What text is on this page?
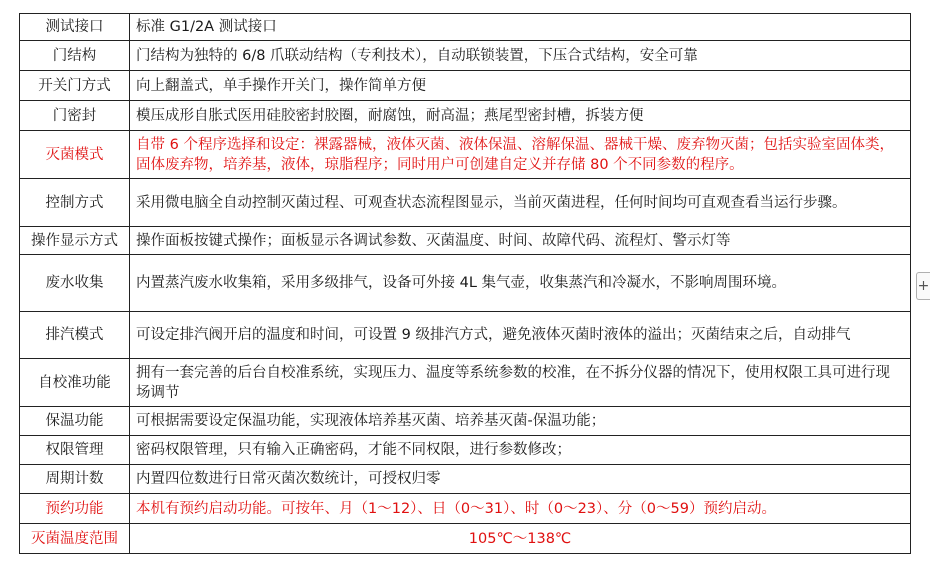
测试接口	标准 G1/2A 测试接口
门结构	门结构为独特的 6/8 爪联动结构（专利技术），自动联锁装置，下压合式结构，安全可靠
开关门方式	向上翻盖式，单手操作开关门，操作简单方便
门密封	模压成形自胀式医用硅胶密封胶圈，耐腐蚀，耐高温；燕尾型密封槽，拆装方便
灭菌模式	自带 6 个程序选择和设定：裸露器械，液体灭菌、液体保温、溶解保温、器械干燥、废弃物灭菌；包括实验室固体类，固体废弃物，培养基，液体，琼脂程序；同时用户可创建自定义并存储 80 个不同参数的程序。
控制方式	采用微电脑全自动控制灭菌过程、可观查状态流程图显示，当前灭菌进程，任何时间均可直观查看当运行步骤。
操作显示方式	操作面板按键式操作；面板显示各调试参数、灭菌温度、时间、故障代码、流程灯、警示灯等
废水收集	内置蒸汽废水收集箱，采用多级排气，设备可外接 4L 集气壶，收集蒸汽和冷凝水，不影响周围环境。
排汽模式	可设定排汽阀开启的温度和时间，可设置 9 级排汽方式，避免液体灭菌时液体的溢出；灭菌结束之后，自动排气
自校准功能	拥有一套完善的后台自校准系统，实现压力、温度等系统参数的校准，在不拆分仪器的情况下，使用权限工具可进行现场调节
保温功能	可根据需要设定保温功能，实现液体培养基灭菌、培养基灭菌-保温功能；
权限管理	密码权限管理，只有输入正确密码，才能不同权限，进行参数修改；
周期计数	内置四位数进行日常灭菌次数统计，可授权归零
预约功能	本机有预约启动功能。可按年、月（1～12）、日（0～31）、时（0～23）、分（0～59）预约启动。
灭菌温度范围	105℃～138℃
+
